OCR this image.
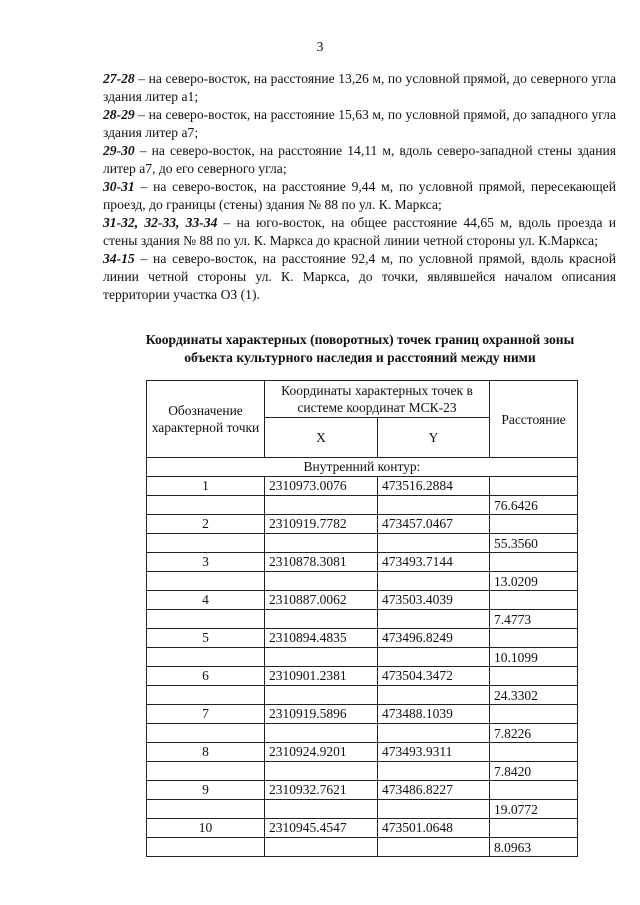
3

27-28 – на северо-восток, на расстояние 13,26 м, по условной прямой, до северного угла здания литер а1;

28-29 – на северо-восток, на расстояние 15,63 м, по условной прямой, до западного угла здания литер а7;

29-30 – на северо-восток, на расстояние 14,11 м, вдоль северо-западной стены здания литер а7, до его северного угла;

30-31 – на северо-восток, на расстояние 9,44 м, по условной прямой, пересекающей проезд, до границы (стены) здания № 88 по ул. К. Маркса;

31-32, 32-33, 33-34 – на юго-восток, на общее расстояние 44,65 м, вдоль проезда и стены здания № 88 по ул. К. Маркса до красной линии четной стороны ул. К.Маркса;

34-15 – на северо-восток, на расстояние 92,4 м, по условной прямой, вдоль красной линии четной стороны ул. К. Маркса, до точки, являвшейся началом описания территории участка ОЗ (1).

Координаты характерных (поворотных) точек границ охранной зоны
объекта культурного наследия и расстояний между ними
Обозначение характерной точки	Координаты характерных точек в системе координат МСК-23		Расстояние
	X	Y	
Внутренний контур:			
1	2310973.0076	473516.2884	
			76.6426
2	2310919.7782	473457.0467	
			55.3560
3	2310878.3081	473493.7144	
			13.0209
4	2310887.0062	473503.4039	
			7.4773
5	2310894.4835	473496.8249	
			10.1099
6	2310901.2381	473504.3472	
			24.3302
7	2310919.5896	473488.1039	
			7.8226
8	2310924.9201	473493.9311	
			7.8420
9	2310932.7621	473486.8227	
			19.0772
10	2310945.4547	473501.0648	
			8.0963
